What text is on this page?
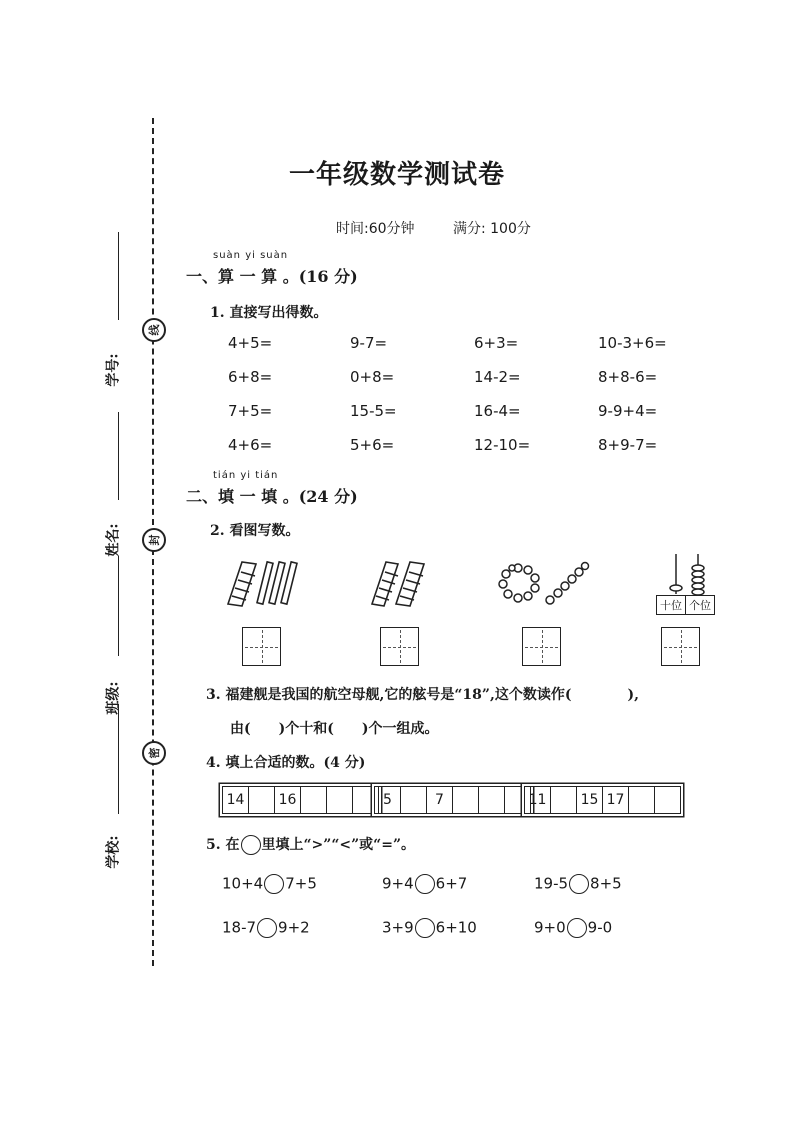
线
封
密
学号:
姓名:
班级:
学校:
一年级数学测试卷
时间:60分钟	满分: 100分
suàn yi suàn
一、算 一 算 。(16 分)
1. 直接写出得数。
4+5=	9-7=	6+3=	10-3+6=
6+8=	0+8=	14-2=	8+8-6=
7+5=	15-5=	16-4=	9-9+4=
4+6=	5+6=	12-10=	8+9-7=
tián yi tián
二、填 一 填 。(24 分)
2. 看图写数。
十位 个位
3. 福建舰是我国的航空母舰,它的舷号是“18”,这个数读作(	),
由( )个十和( )个一组成。
4. 填上合适的数。(4 分)
14	16	5	7	11	15 17
5. 在 里填上“>”“<”或“=”。
10+4 7+5	9+4 6+7	19-5 8+5
18-7 9+2	3+9 6+10	9+0 9-0
